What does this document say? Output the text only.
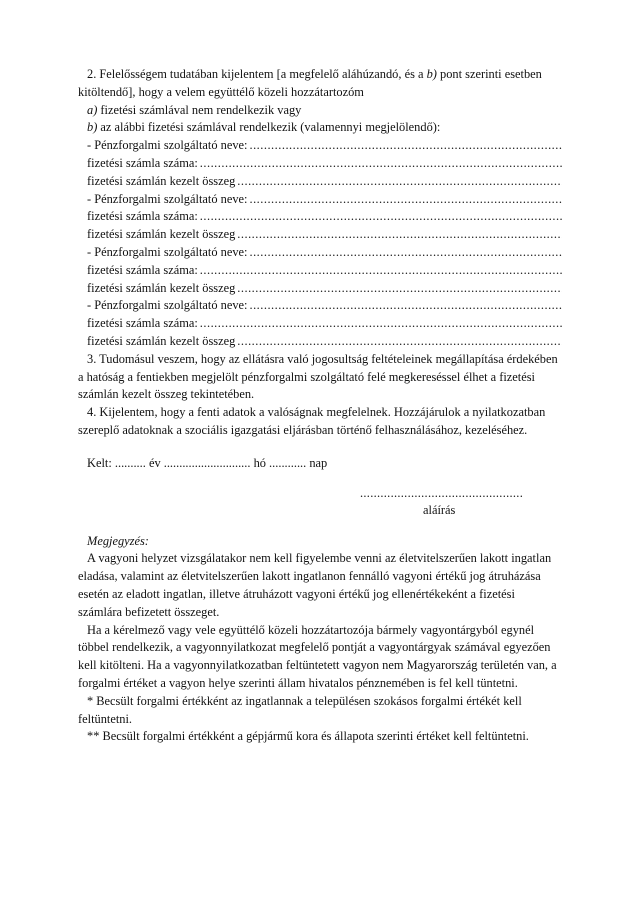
2. Felelősségem tudatában kijelentem [a megfelelő aláhúzandó, és a b) pont szerinti esetben kitöltendő], hogy a velem együttélő közeli hozzátartozóm
a) fizetési számlával nem rendelkezik vagy
b) az alábbi fizetési számlával rendelkezik (valamennyi megjelölendő):
- Pénzforgalmi szolgáltató neve:
.....
fizetési számla száma:
.....
fizetési számlán kezelt összeg
.....
- Pénzforgalmi szolgáltató neve:
.....
fizetési számla száma:
.....
fizetési számlán kezelt összeg
.....
- Pénzforgalmi szolgáltató neve:
.....
fizetési számla száma:
.....
fizetési számlán kezelt összeg
.....
- Pénzforgalmi szolgáltató neve:
.....
fizetési számla száma:
.....
fizetési számlán kezelt összeg
.....
3. Tudomásul veszem, hogy az ellátásra való jogosultság feltételeinek megállapítása érdekében a hatóság a fentiekben megjelölt pénzforgalmi szolgáltató felé megkereséssel élhet a fizetési számlán kezelt összeg tekintetében.
4. Kijelentem, hogy a fenti adatok a valóságnak megfelelnek. Hozzájárulok a nyilatkozatban szereplő adatoknak a szociális igazgatási eljárásban történő felhasználásához, kezeléséhez.
Kelt: .......... év ............................ hó ............ nap
................................................
aláírás
Megjegyzés:
A vagyoni helyzet vizsgálatakor nem kell figyelembe venni az életvitelszerűen lakott ingatlan eladása, valamint az életvitelszerűen lakott ingatlanon fennálló vagyoni értékű jog átruházása esetén az eladott ingatlan, illetve átruházott vagyoni értékű jog ellenértékeként a fizetési számlára befizetett összeget.
Ha a kérelmező vagy vele együttélő közeli hozzátartozója bármely vagyontárgyból egynél többel rendelkezik, a vagyonnyilatkozat megfelelő pontját a vagyontárgyak számával egyezően kell kitölteni. Ha a vagyonnyilatkozatban feltüntetett vagyon nem Magyarország területén van, a forgalmi értéket a vagyon helye szerinti állam hivatalos pénznemében is fel kell tüntetni.
* Becsült forgalmi értékként az ingatlannak a településen szokásos forgalmi értékét kell feltüntetni.
** Becsült forgalmi értékként a gépjármű kora és állapota szerinti értéket kell feltüntetni.
